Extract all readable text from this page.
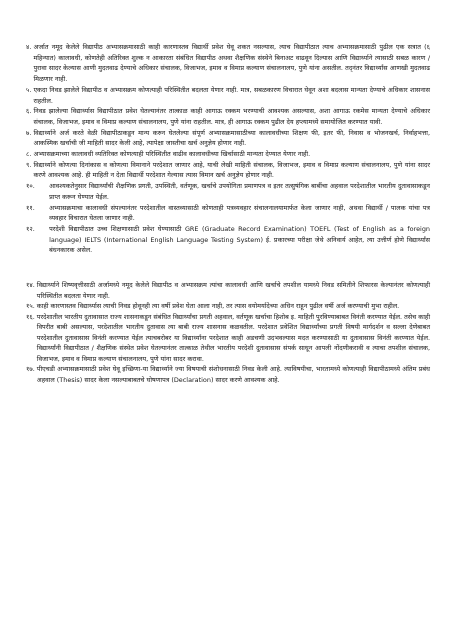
४. अर्जात नमूद केलेले विद्यापीठ अभ्यासक्रमासाठी काही कारणास्तव विद्यार्थी प्रवेश घेवू शकत नसल्यास, त्याच विद्यापीठात त्याच अभ्यासक्रमासाठी पुढील एक सत्रात (६ महिन्यात) कालावधी, कोणतेही अतिरिक्त शुल्क न आकारता संबंधित विद्यापीठ अथवा शैक्षणिक संस्थेने बिनाअट वाढवून दिल्यास आणि विद्यार्थ्याने त्यासाठी सबळ कारण / पुरावा सादर केल्यास आणी मुदतवाढ देण्याचे अधिकार संचालक, विजाभज, इमाव व विमाप्र कल्याण संचालनालय, पुणे यांना असतील. तद्नंतर विद्यार्थ्यांस आणखी मुदतवाढ मिळणार नाही.
५. एकदा निवड झालेले विद्यापीठ व अभ्यासक्रम कोणत्याही परिस्थितीत बदलता येणार नाही. मात्र, सबळकारण विचारात घेवून अशा बदलास मान्यता देण्याचे अधिकार शासनास राहतील.
६. निवड झालेल्या विद्यार्थ्यास विद्यापीठात प्रवेश घेतल्यानंतर तात्काळ काही आगाऊ रक्कम भरण्याची आवश्यक असल्यास, अशा आगाऊ रकमेस मान्यता देण्याचे अधिकार संचालक, विजाभज, इमाव व विमाप्र कल्याण संचालनालय, पुणे यांना राहतील. मात्र, ही आगाऊ रक्कम पुढील देय हप्त्यामध्ये समायोजित करण्यात यावी.
७. विद्यार्थ्याने अर्ज करते वेळी विद्यापीठाकडून मान्य करुन घेतलेल्या संपूर्ण अभ्यासक्रमासाठीच्या कालावधीच्या शिक्षण फी, इतर फी, निवास व भोजनखर्च, निर्वाहभत्ता, आकस्मिक खर्चाची जी माहिती सादर केली आहे, त्यापेक्षा जास्तीचा खर्च अनुज्ञेय होणार नाही.
८. अभ्यासक्रमाच्या कालावधी व्यतिरिक्त कोणत्याही परिस्थितीत वाढीव कालावधीच्या खिर्चासाठी मान्यता देण्यात येणार नाही.
९. विद्यार्थ्याने कोणत्या दिनांकास व कोणत्या विमानाने परदेशात जाणार आहे, याची लेखी माहिती संचालक, विजाभज, इमाव व विमाप्र कल्याण संचालनालय, पुणे यांना सादर करणे आवश्यक आहे. ही माहिती न देता विद्यार्थी परदेशात गेल्यास त्यास विमान खर्च अनुज्ञेय होणार नाही.
१०. आवश्यकतेनुसार विद्यार्थ्यांची शैक्षणिक प्रगती, उपस्थिती, वर्तणूक, खर्चाचे उपयोगिता प्रमाणपत्र व इतर तत्सुषंगिक बाबींचा अहवाल परदेशातील भारतीय दुतावासाकडून प्राप्त करून घेण्यात येईल.
११. अभ्यासक्रमाचा कालावधी संपल्यानंतर परदेशातील वास्तव्यासाठी कोणताही पत्रव्यवहार संचालनालयामार्फत केला जाणार नाही, अथवा विद्यार्थी / पालक यांचा पत्र व्यवहार विचारात घेतला जाणार नाही.
१२. परदेशी विद्यापीठात उच्च शिक्षणासाठी प्रवेश घेण्यासाठी GRE (Graduate Record Examination) TOEFL (Test of English as a foreign language) IELTS (International English Language Testing System) ई. प्रकारच्या परीक्षा जेथे अनिवार्य आहेत, त्या उत्तीर्ण होणे विद्यार्थ्यांस बंधनकारक असेल.
१४. विद्यार्थ्याने शिष्यवृत्तीसाठी अर्जामध्ये नमूद केलेले विद्यापीठ व अभ्यासक्रम त्यांचा कालावधी आणि खर्चाचे तपशील यामध्ये निवड समितीने शिफारस केल्यानंतर कोणत्याही परिस्थितीत बदलता येणार नाही.
१५. काही कारणास्तव विद्यार्थ्यास त्याची निवड होवूनही त्या वर्षी प्रवेश घेता आला नाही, तर त्यास वयोमर्यादेच्या अधिन राहून पुढील वर्षी अर्ज करण्याची मुभा राहील.
१६. परदेशातील भारतीय दुतावासात राज्य शासनाकडून संबंधित विद्यार्थ्यांचा प्रगती अहवाल, वर्तणूक खर्चाचा हिशोब इ. माहिती पुरविण्याबाबत विनंती करण्यात येईल. तसेच काही विपरीत बाबी असल्यास, परदेशातील भारतीय दुतावास त्या बाबी राज्य शासनास कळवतील. परदेशात प्रवेशित विद्यार्थ्यांच्या प्रगती विषयी मार्गदर्शन व सल्ला देणेबाबत परदेशातील दुतावासास विनंती करण्यात येईल त्याचबरोबर या विद्यार्थ्यांना परदेशात काही अडचणी उदभवल्यास मदत करण्यासाठी या दुतावासास विनंती करण्यात येईल. विद्यार्थ्यांनी विद्यापीठात / शैक्षणिक संस्थेत प्रवेश घेतल्यानंतर तात्काळ तेथील भारतीय परदेशी दुतावासास संपर्क साधून आपली नोंदणीकरावी व त्याचा तपशील संचालक, विजाभज, इमाव व विमाप्र कल्याण संचालनालय, पुणे यांना सादर करावा.
१७. पीएचडी अभ्यासक्रमासाठी प्रवेश घेवू इच्छिणा-या विद्यार्थ्याने ज्या विषयाची संशोधनासाठी निवड केली आहे. त्याविषयीचा, भारतामध्ये कोणत्याही विद्यापीठामध्ये अंतिम प्रबंध अहवाल (Thesis) सादर केला नसल्याबाबतचे घोषणापत्र (Declaration) सादर करणे आवश्यक आहे.
